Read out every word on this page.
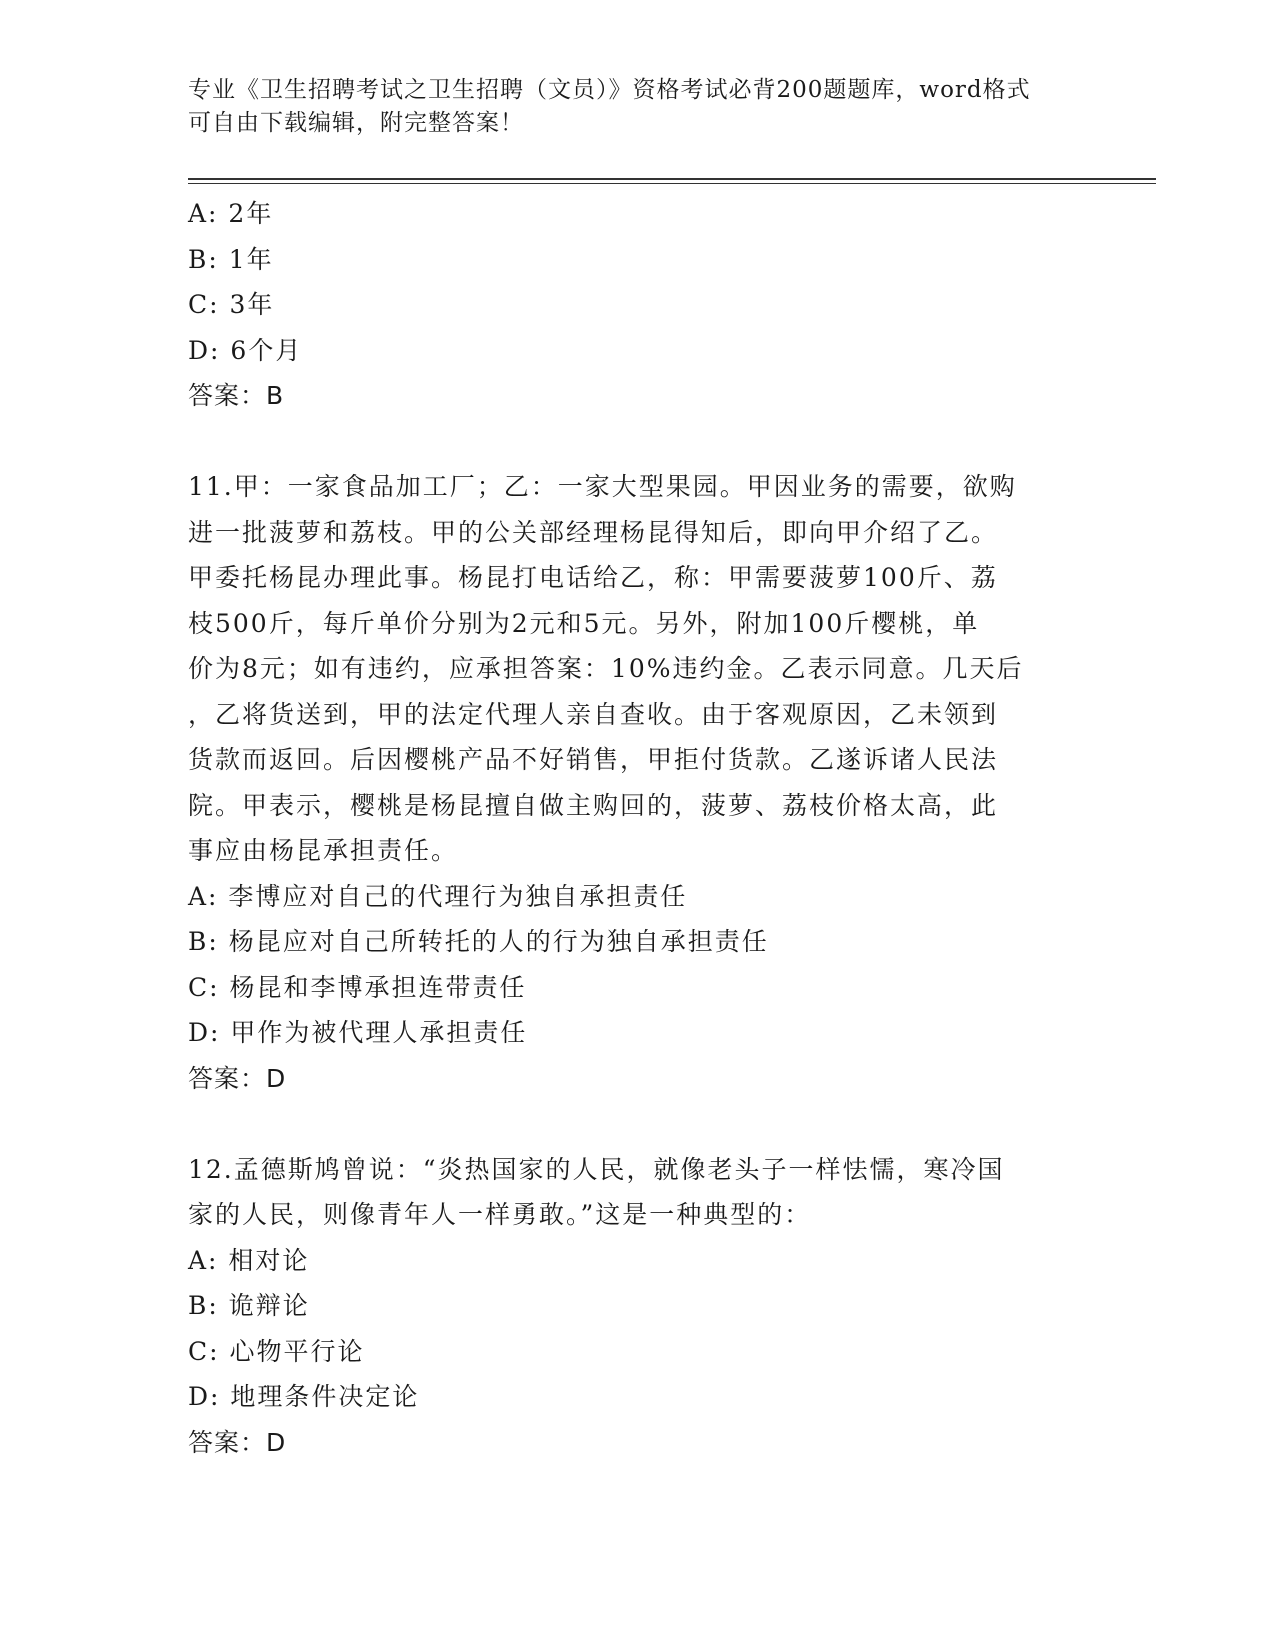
专业《卫生招聘考试之卫生招聘（文员）》资格考试必背200题题库，word格式
可自由下载编辑，附完整答案！
A: 2年
B: 1年
C: 3年
D: 6个月
答案：B
11.甲：一家食品加工厂；乙：一家大型果园。甲因业务的需要，欲购
进一批菠萝和荔枝。甲的公关部经理杨昆得知后，即向甲介绍了乙。
甲委托杨昆办理此事。杨昆打电话给乙，称：甲需要菠萝100斤、荔
枝500斤，每斤单价分别为2元和5元。另外，附加100斤樱桃，单
价为8元；如有违约，应承担答案：10%违约金。乙表示同意。几天后
，乙将货送到，甲的法定代理人亲自查收。由于客观原因，乙未领到
货款而返回。后因樱桃产品不好销售，甲拒付货款。乙遂诉诸人民法
院。甲表示，樱桃是杨昆擅自做主购回的，菠萝、荔枝价格太高，此
事应由杨昆承担责任。
A: 李博应对自己的代理行为独自承担责任
B: 杨昆应对自己所转托的人的行为独自承担责任
C: 杨昆和李博承担连带责任
D: 甲作为被代理人承担责任
答案：D
12.孟德斯鸠曾说：“炎热国家的人民，就像老头子一样怯懦，寒冷国
家的人民，则像青年人一样勇敢。”这是一种典型的：
A: 相对论
B: 诡辩论
C: 心物平行论
D: 地理条件决定论
答案：D
